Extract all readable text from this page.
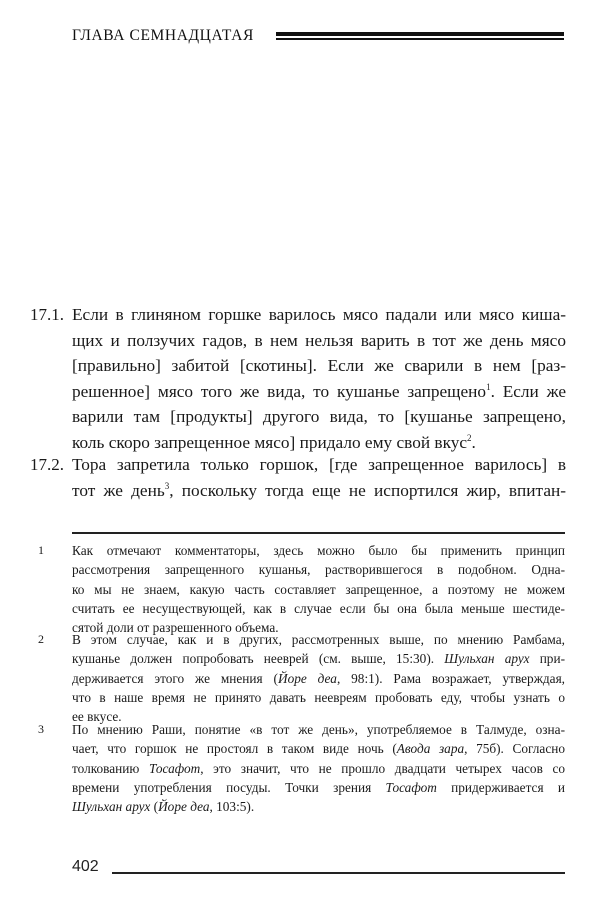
ГЛАВА СЕМНАДЦАТАЯ
17.1. Если в глиняном горшке варилось мясо падали или мясо киша-
щих и ползучих гадов, в нем нельзя варить в тот же день мясо
[правильно] забитой [скотины]. Если же сварили в нем [раз-
решенное] мясо того же вида, то кушанье запрещено$^1$. Если же
варили там [продукты] другого вида, то [кушанье запрещено,
коль скоро запрещенное мясо] придало ему свой вкус$^2$.
17.2. Тора запретила только горшок, [где запрещенное варилось] в
тот же день$^3$, поскольку тогда еще не испортился жир, впитан-
1 Как отмечают комментаторы, здесь можно было бы применить принцип
рассмотрения запрещенного кушанья, растворившегося в подобном. Одна-
ко мы не знаем, какую часть составляет запрещенное, а поэтому не можем
считать ее несуществующей, как в случае если бы она была меньше шестиде-
сятой доли от разрешенного объема.
2 В этом случае, как и в других, рассмотренных выше, по мнению Рамбама,
кушанье должен попробовать нееврей (см. выше, 15:30). Шульхан арух при-
держивается этого же мнения (Йоре деа, 98:1). Рама возражает, утверждая,
что в наше время не принято давать неевреям пробовать еду, чтобы узнать о
ее вкусе.
3 По мнению Раши, понятие «в тот же день», употребляемое в Талмуде, озна-
чает, что горшок не простоял в таком виде ночь (Авода зара, 75б). Согласно
толкованию Тосафот, это значит, что не прошло двадцати четырех часов со
времени употребления посуды. Точки зрения Тосафот придерживается и
Шульхан арух (Йоре деа, 103:5).
402
